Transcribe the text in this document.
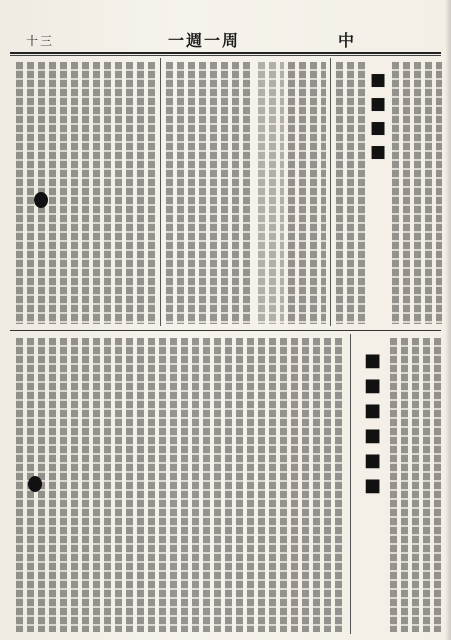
十三	一週一周	中
■■■■
■■■■■■
